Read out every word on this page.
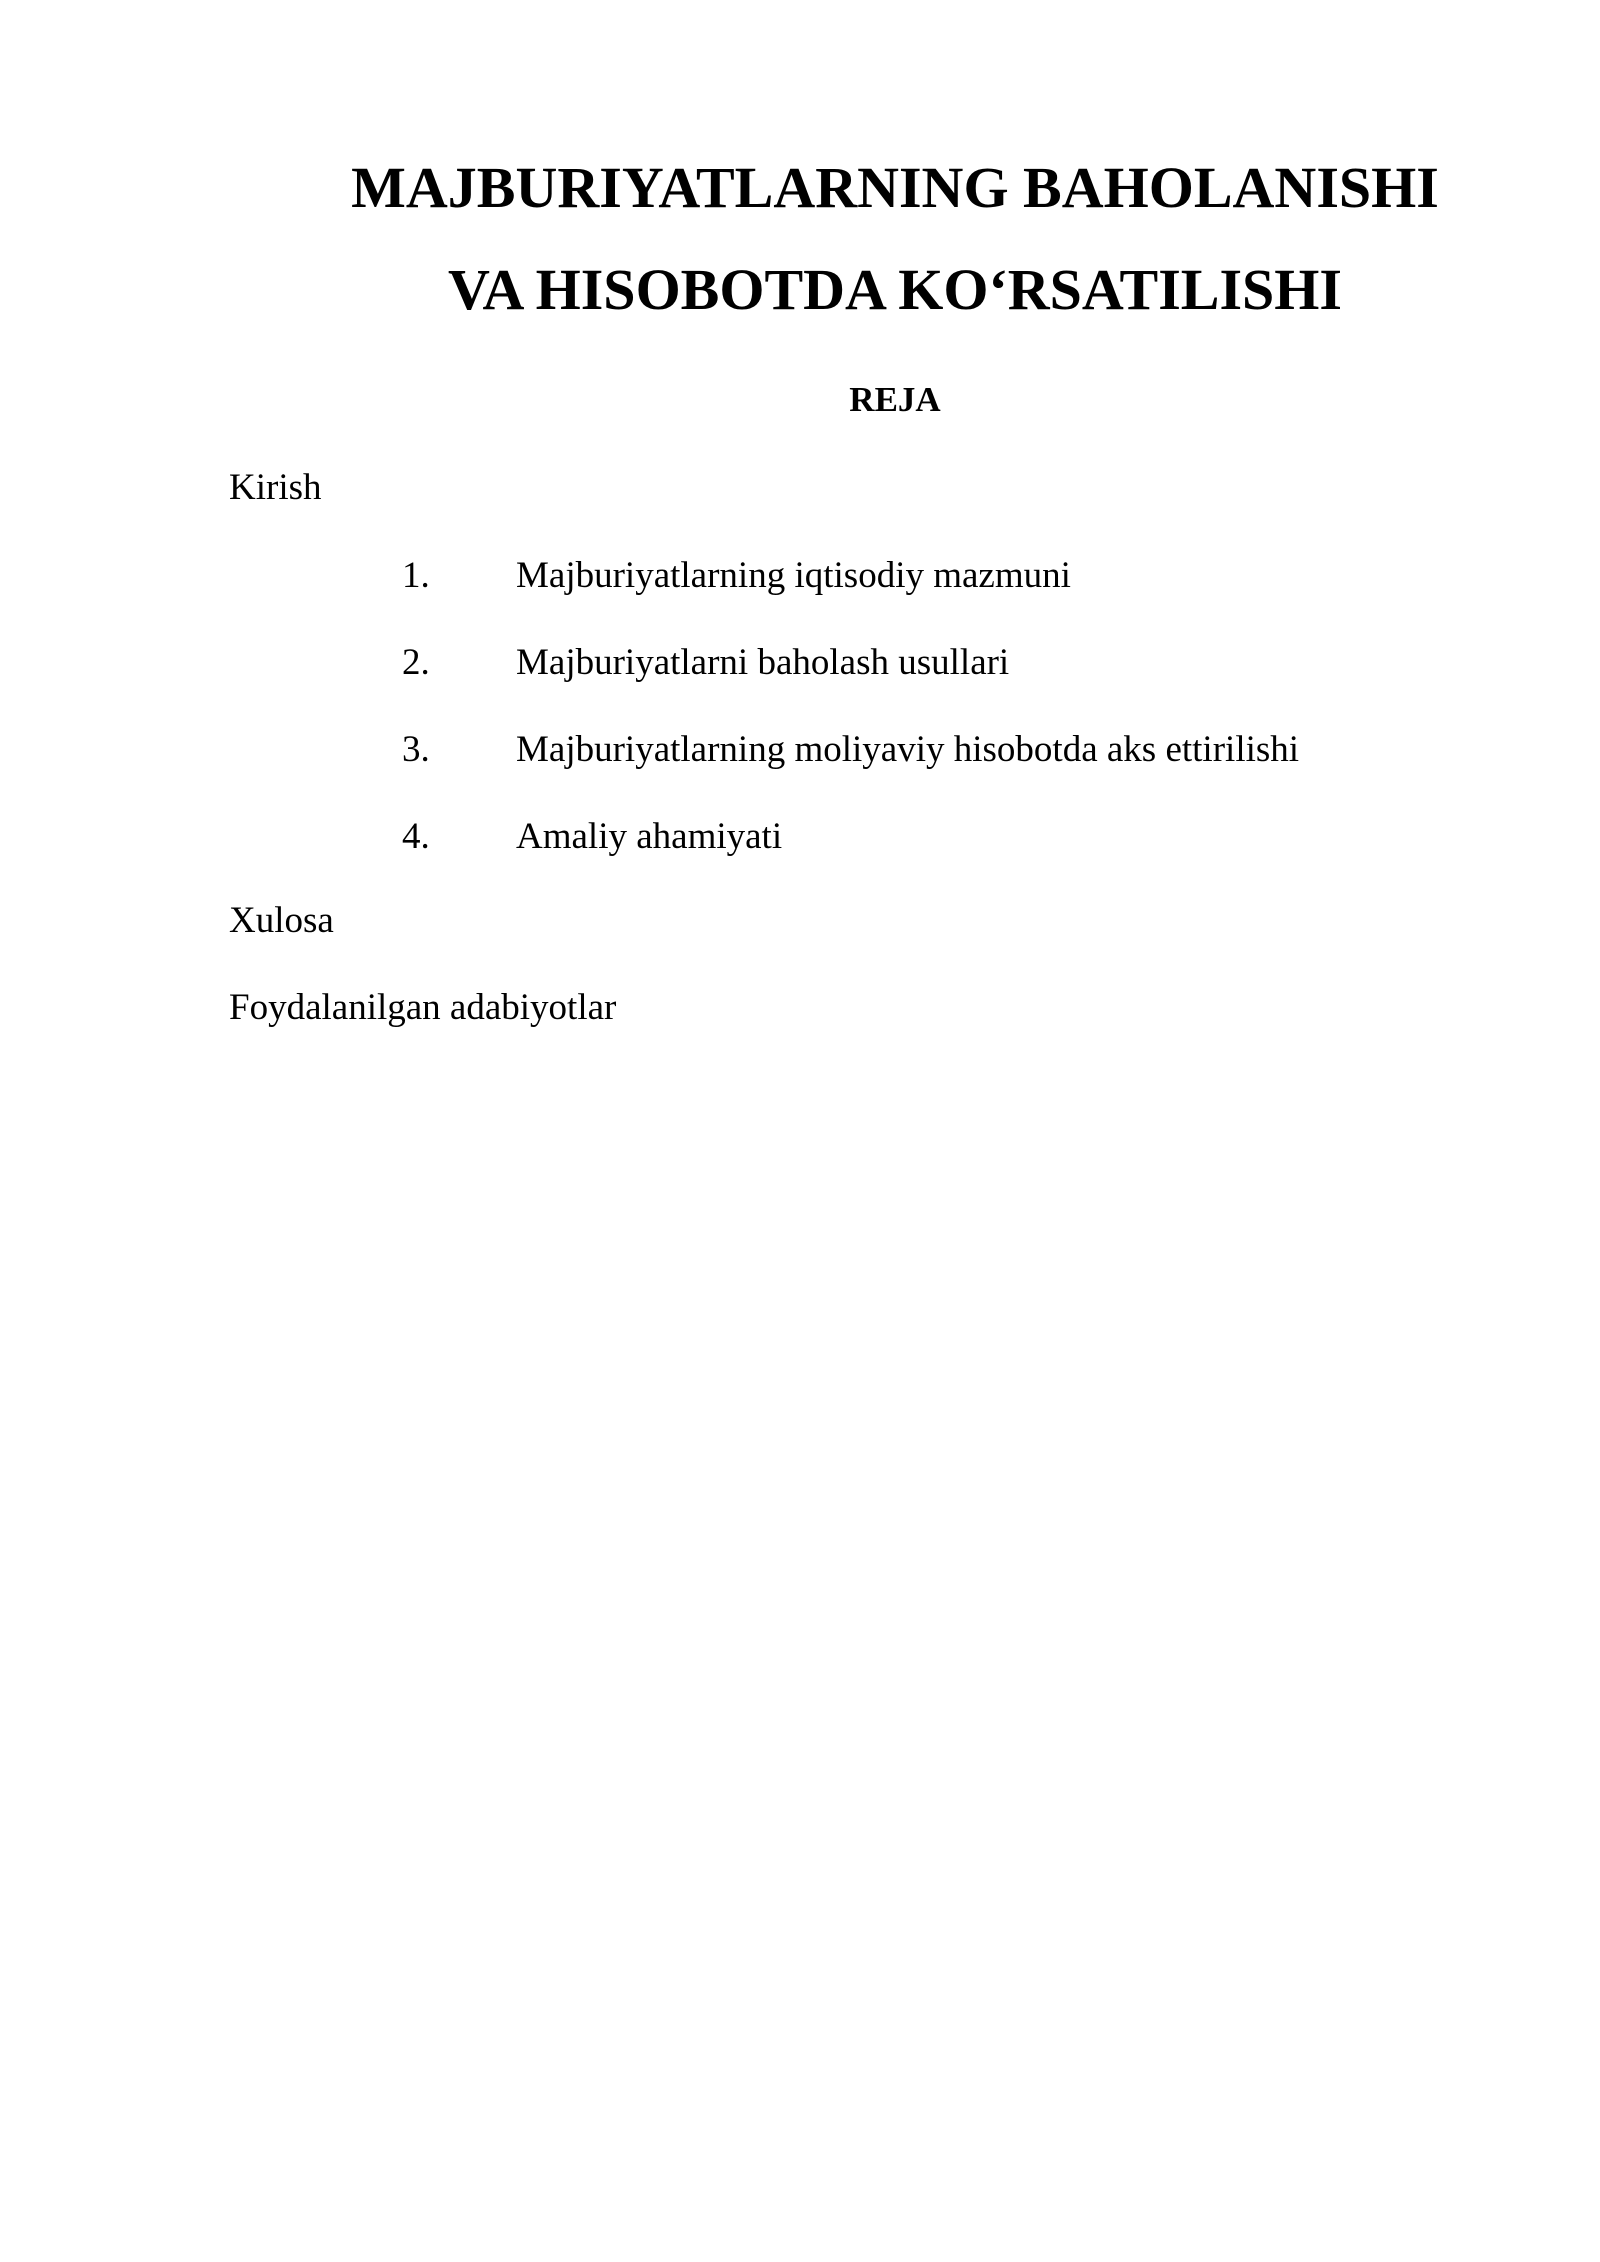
MAJBURIYATLARNING BAHOLANISHI
VA HISOBOTDA KO‘RSATILISHI
REJA
Kirish
1. Majburiyatlarning iqtisodiy mazmuni
2. Majburiyatlarni baholash usullari
3. Majburiyatlarning moliyaviy hisobotda aks ettirilishi
4. Amaliy ahamiyati
Xulosa
Foydalanilgan adabiyotlar
